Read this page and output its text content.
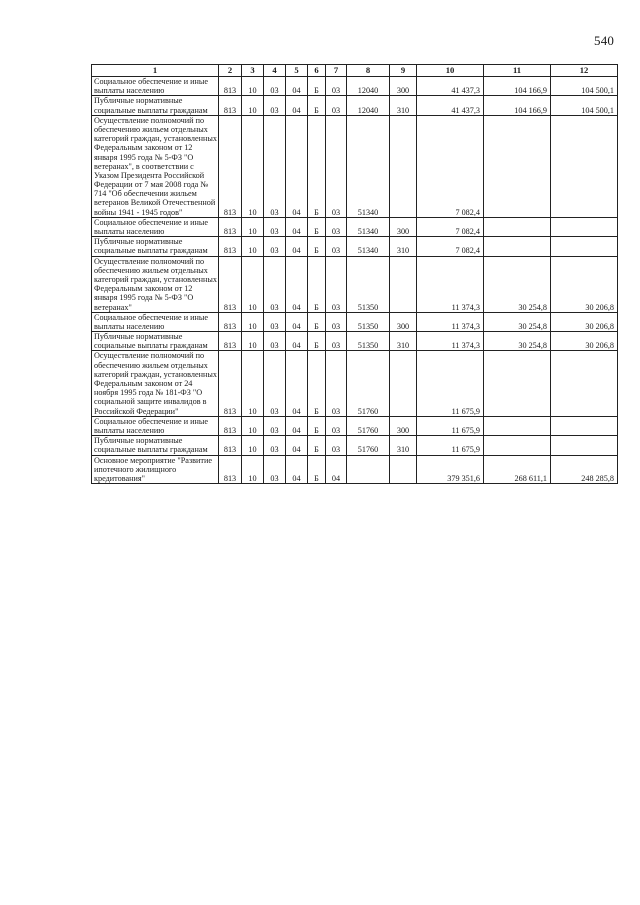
540
1	2	3	4	5	6	7	8	9	10	11	12
Социальное обеспечение и иные выплаты населению	813	10	03	04	Б	03	12040	300	41 437,3	104 166,9	104 500,1
Публичные нормативные социальные выплаты гражданам	813	10	03	04	Б	03	12040	310	41 437,3	104 166,9	104 500,1
Осуществление полномочий по обеспечению жильем отдельных категорий граждан, установленных Федеральным законом от 12 января 1995 года № 5-ФЗ "О ветеранах", в соответствии с Указом Президента Российской Федерации от 7 мая 2008 года № 714 "Об обеспечении жильем ветеранов Великой Отечественной войны 1941 - 1945 годов"	813	10	03	04	Б	03	51340		7 082,4		
Социальное обеспечение и иные выплаты населению	813	10	03	04	Б	03	51340	300	7 082,4		
Публичные нормативные социальные выплаты гражданам	813	10	03	04	Б	03	51340	310	7 082,4		
Осуществление полномочий по обеспечению жильем отдельных категорий граждан, установленных Федеральным законом от 12 января 1995 года № 5-ФЗ "О ветеранах"	813	10	03	04	Б	03	51350		11 374,3	30 254,8	30 206,8
Социальное обеспечение и иные выплаты населению	813	10	03	04	Б	03	51350	300	11 374,3	30 254,8	30 206,8
Публичные нормативные социальные выплаты гражданам	813	10	03	04	Б	03	51350	310	11 374,3	30 254,8	30 206,8
Осуществление полномочий по обеспечению жильем отдельных категорий граждан, установленных Федеральным законом от 24 ноября 1995 года № 181-ФЗ "О социальной защите инвалидов в Российской Федерации"	813	10	03	04	Б	03	51760		11 675,9		
Социальное обеспечение и иные выплаты населению	813	10	03	04	Б	03	51760	300	11 675,9		
Публичные нормативные социальные выплаты гражданам	813	10	03	04	Б	03	51760	310	11 675,9		
Основное мероприятие "Развитие ипотечного жилищного кредитования"	813	10	03	04	Б	04			379 351,6	268 611,1	248 285,8
